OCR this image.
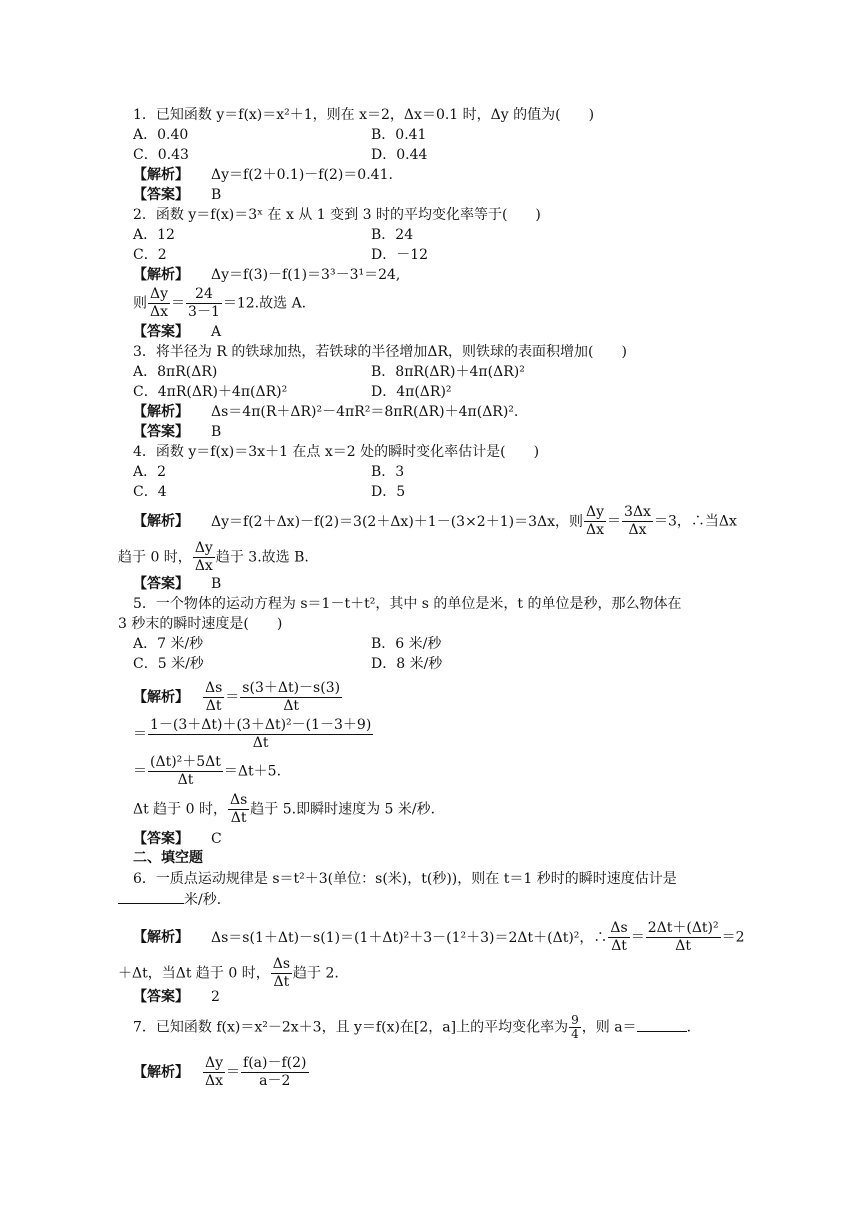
1．已知函数 y＝f(x)＝x²＋1，则在 x＝2，Δx＝0.1 时，Δy 的值为(　　)
A．0.40	B．0.41
C．0.43	D．0.44
【解析】 Δy＝f(2＋0.1)－f(2)＝0.41.
【答案】 B
2．函数 y＝f(x)＝3ˣ 在 x 从 1 变到 3 时的平均变化率等于(　　)
A．12	B．24
C．2	D．－12
【解析】 Δy＝f(3)－f(1)＝3³－3¹＝24,
则 $\frac{\Delta y}{\Delta x} = \frac{24}{3-1} =12$.故选 A.
【答案】 A
3．将半径为 R 的铁球加热，若铁球的半径增加ΔR，则铁球的表面积增加(　　)
A．8πR(ΔR)	B．8πR(ΔR)＋4π(ΔR)²
C．4πR(ΔR)＋4π(ΔR)²	D．4π(ΔR)²
【解析】 Δs＝4π(R＋ΔR)²－4πR²＝8πR(ΔR)＋4π(ΔR)².
【答案】 B
4．函数 y＝f(x)＝3x＋1 在点 x＝2 处的瞬时变化率估计是(　　)
A．2	B．3
C．4	D．5
【解析】 Δy＝f(2＋Δx)－f(2)＝3(2＋Δx)＋1－(3×2＋1)＝3Δx，则 $\frac{\Delta y}{\Delta x} = \frac{3\Delta x}{\Delta x} =3$，∴当Δx
趋于 0 时， $\frac{\Delta y}{\Delta x}$ 趋于 3.故选 B.
【答案】 B
5．一个物体的运动方程为 s＝1－t＋t²，其中 s 的单位是米，t 的单位是秒，那么物体在
3 秒末的瞬时速度是(　　)
A．7 米/秒	B．6 米/秒
C．5 米/秒	D．8 米/秒
【解析】 $\frac{\Delta s}{\Delta t} = \frac{s(3+\Delta t)-s(3)}{\Delta t}$
＝ $\frac{\text{1－(3＋Δt)＋(3＋Δt)²－(1－3＋9)}}{\Delta t}$
＝ $\frac{\text{(Δt)²＋5Δt}}{\Delta t} =\Delta t+5$.
Δt 趋于 0 时， $\frac{\Delta s}{\Delta t}$ 趋于 5.即瞬时速度为 5 米/秒．
【答案】 C
二、填空题
6．一质点运动规律是 s＝t²＋3(单位：s(米)，t(秒))，则在 t＝1 秒时的瞬时速度估计是
米/秒．
【解析】 Δs＝s(1＋Δt)－s(1)＝(1＋Δt)²＋3－(1²＋3)＝2Δt＋(Δt)²，∴ $\frac{\Delta s}{\Delta t} = \frac{\text{2Δt＋(Δt)²}}{\Delta t} =2$
＋Δt，当Δt 趋于 0 时， $\frac{\Delta s}{\Delta t}$ 趋于 2.
【答案】 2
7．已知函数 f(x)＝x²－2x＋3，且 y＝f(x)在[2，a]上的平均变化率为 $\frac{9}{4}$ ，则 a＝	.
【解析】 $\frac{\Delta y}{\Delta x} = \frac{f(a)-f(2)}{a-2}$
